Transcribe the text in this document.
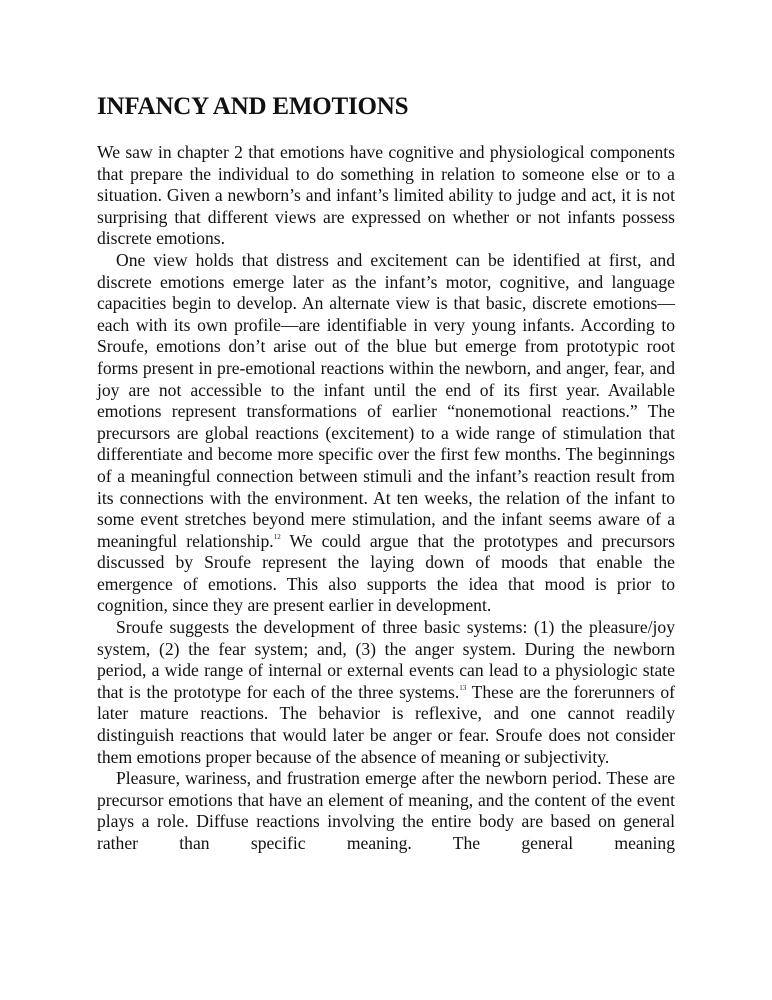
INFANCY AND EMOTIONS

We saw in chapter 2 that emotions have cognitive and physiological components that prepare the individual to do something in relation to someone else or to a situation. Given a newborn’s and infant’s limited ability to judge and act, it is not surprising that different views are expressed on whether or not infants possess discrete emotions.

One view holds that distress and excitement can be identified at first, and discrete emotions emerge later as the infant’s motor, cognitive, and language capacities begin to develop. An alternate view is that basic, discrete emotions—each with its own profile—are identifiable in very young infants. According to Sroufe, emotions don’t arise out of the blue but emerge from prototypic root forms present in pre-emotional reactions within the newborn, and anger, fear, and joy are not accessible to the infant until the end of its first year. Available emotions represent transformations of earlier “nonemotional reactions.” The precursors are global reactions (excitement) to a wide range of stimulation that differentiate and become more specific over the first few months. The beginnings of a meaningful connection between stimuli and the infant’s reaction result from its connections with the environment. At ten weeks, the relation of the infant to some event stretches beyond mere stimulation, and the infant seems aware of a meaningful relationship.$^{12}$ We could argue that the prototypes and precursors discussed by Sroufe represent the laying down of moods that enable the emergence of emotions. This also supports the idea that mood is prior to cognition, since they are present earlier in development.

Sroufe suggests the development of three basic systems: (1) the pleasure/joy system, (2) the fear system; and, (3) the anger system. During the newborn period, a wide range of internal or external events can lead to a physiologic state that is the prototype for each of the three systems.$^{13}$ These are the forerunners of later mature reactions. The behavior is reflexive, and one cannot readily distinguish reactions that would later be anger or fear. Sroufe does not consider them emotions proper because of the absence of meaning or subjectivity.

Pleasure, wariness, and frustration emerge after the newborn period. These are precursor emotions that have an element of meaning, and the content of the event plays a role. Diffuse reactions involving the entire body are based on general rather than specific meaning. The general meaning
